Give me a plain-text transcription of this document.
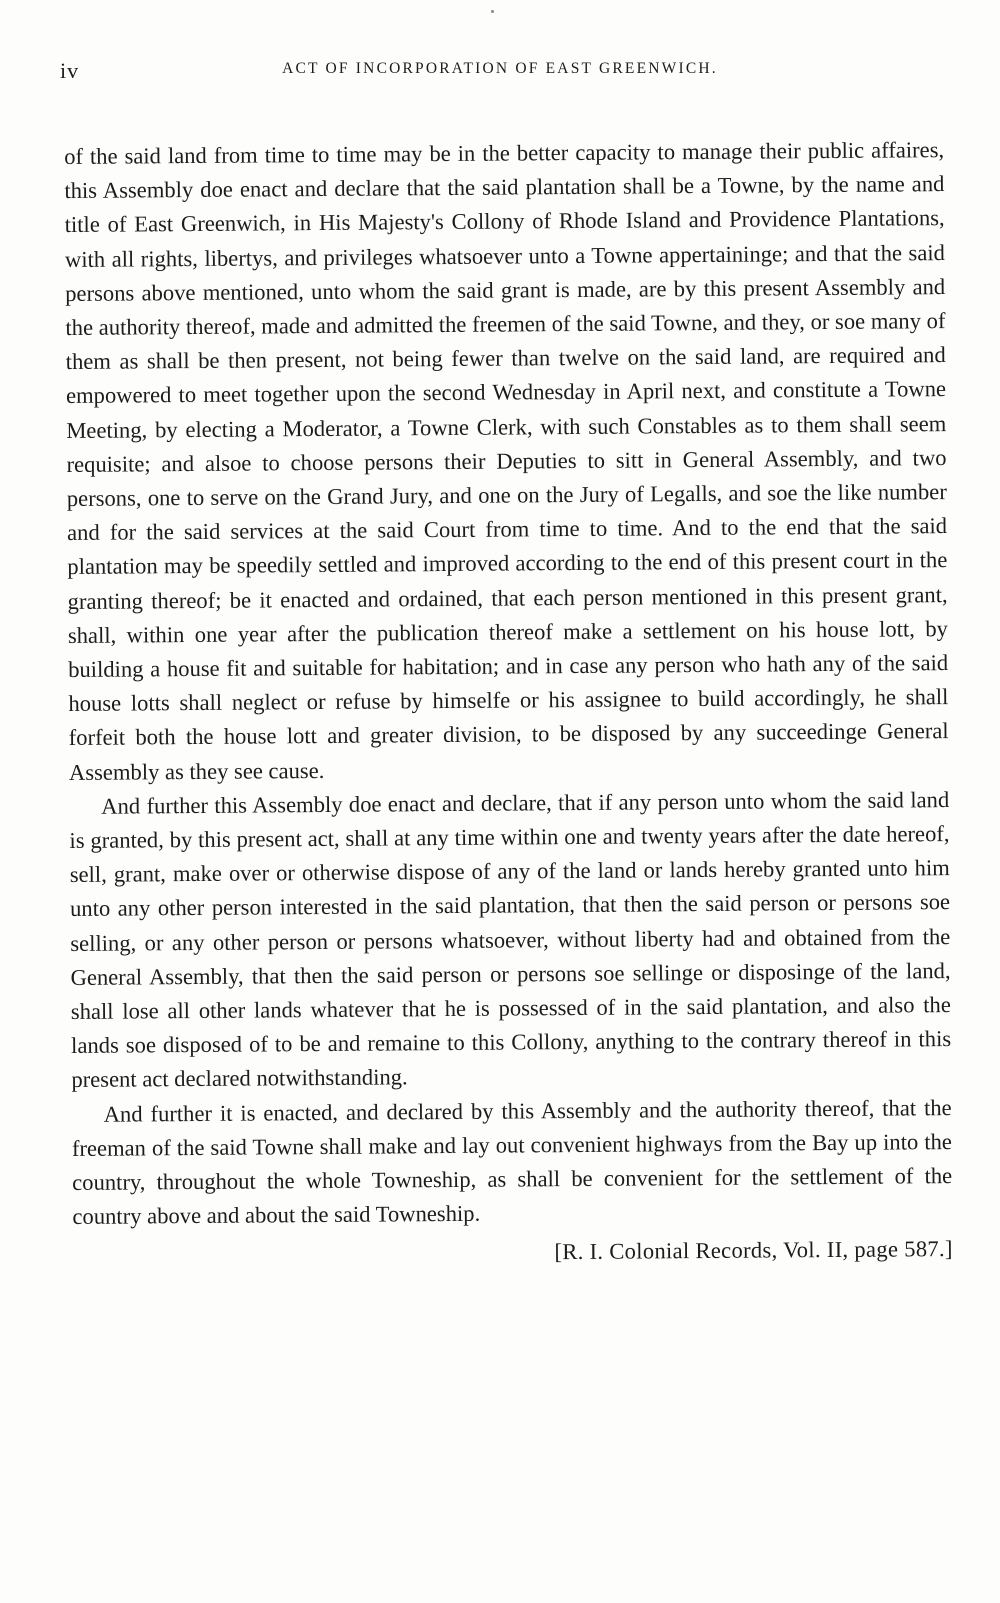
iv	ACT OF INCORPORATION OF EAST GREENWICH.

of the said land from time to time may be in the better capacity to manage their public affaires, this Assembly doe enact and declare that the said plantation shall be a Towne, by the name and title of East Greenwich, in His Majesty's Collony of Rhode Island and Providence Plantations, with all rights, libertys, and privileges whatsoever unto a Towne appertaininge; and that the said persons above mentioned, unto whom the said grant is made, are by this present Assembly and the authority thereof, made and admitted the freemen of the said Towne, and they, or soe many of them as shall be then present, not being fewer than twelve on the said land, are required and empowered to meet together upon the second Wednesday in April next, and constitute a Towne Meeting, by electing a Moderator, a Towne Clerk, with such Constables as to them shall seem requisite; and alsoe to choose persons their Deputies to sitt in General Assembly, and two persons, one to serve on the Grand Jury, and one on the Jury of Legalls, and soe the like number and for the said services at the said Court from time to time. And to the end that the said plantation may be speedily settled and improved according to the end of this present court in the granting thereof; be it enacted and ordained, that each person mentioned in this present grant, shall, within one year after the publication thereof make a settlement on his house lott, by building a house fit and suitable for habitation; and in case any person who hath any of the said house lotts shall neglect or refuse by himselfe or his assignee to build accordingly, he shall forfeit both the house lott and greater division, to be disposed by any succeedinge General Assembly as they see cause.

And further this Assembly doe enact and declare, that if any person unto whom the said land is granted, by this present act, shall at any time within one and twenty years after the date hereof, sell, grant, make over or otherwise dispose of any of the land or lands hereby granted unto him unto any other person interested in the said plantation, that then the said person or persons soe selling, or any other person or persons whatsoever, without liberty had and obtained from the General Assembly, that then the said person or persons soe sellinge or disposinge of the land, shall lose all other lands whatever that he is possessed of in the said plantation, and also the lands soe disposed of to be and remaine to this Collony, anything to the contrary thereof in this present act declared notwithstanding.

And further it is enacted, and declared by this Assembly and the authority thereof, that the freeman of the said Towne shall make and lay out convenient highways from the Bay up into the country, throughout the whole Towneship, as shall be convenient for the settlement of the country above and about the said Towneship.

[R. I. Colonial Records, Vol. II, page 587.]
